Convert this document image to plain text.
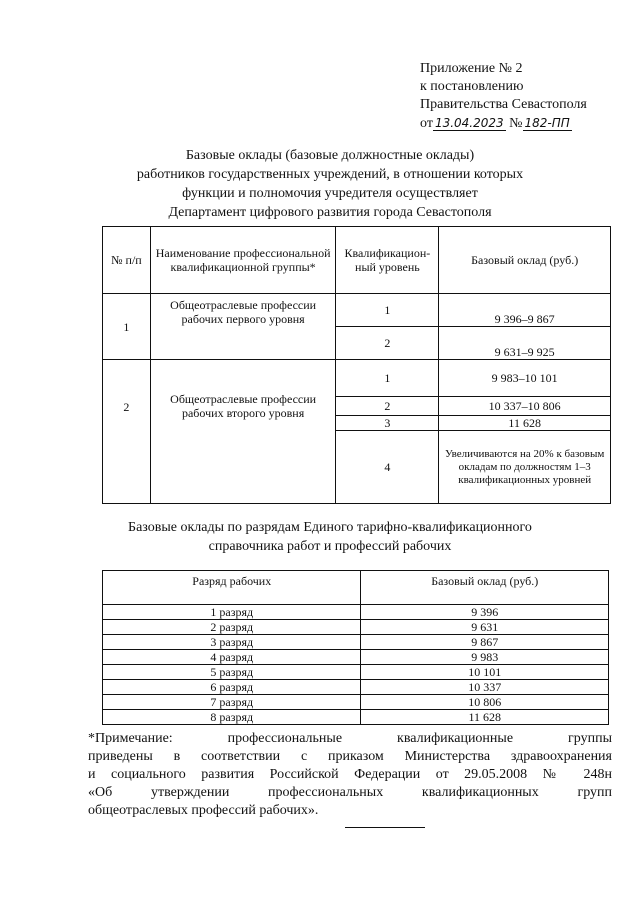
Приложение № 2
к постановлению
Правительства Севастополя
от 13.04.2023 № 182-ПП
Базовые оклады (базовые должностные оклады)
работников государственных учреждений, в отношении которых
функции и полномочия учредителя осуществляет
Департамент цифрового развития города Севастополя
№ п/п	Наименование профессиональной квалификационной группы*	Квалификацион-ный уровень	Базовый оклад (руб.)
1	Общеотраслевые профессии рабочих первого уровня	1	9 396–9 867
		2	9 631–9 925
2	Общеотраслевые профессии рабочих второго уровня	1	9 983–10 101
		2	10 337–10 806
		3	11 628
		4	Увеличиваются на 20% к базовым окладам по должностям 1–3 квалификационных уровней
Базовые оклады по разрядам Единого тарифно-квалификационного
справочника работ и профессий рабочих
Разряд рабочих	Базовый оклад (руб.)
1 разряд	9 396
2 разряд	9 631
3 разряд	9 867
4 разряд	9 983
5 разряд	10 101
6 разряд	10 337
7 разряд	10 806
8 разряд	11 628

*Примечание: профессиональные квалификационные группы

приведены в соответствии с приказом Министерства здравоохранения

и социального развития Российской Федерации от 29.05.2008 № 248н

«Об утверждении профессиональных квалификационных групп

общеотраслевых профессий рабочих».
